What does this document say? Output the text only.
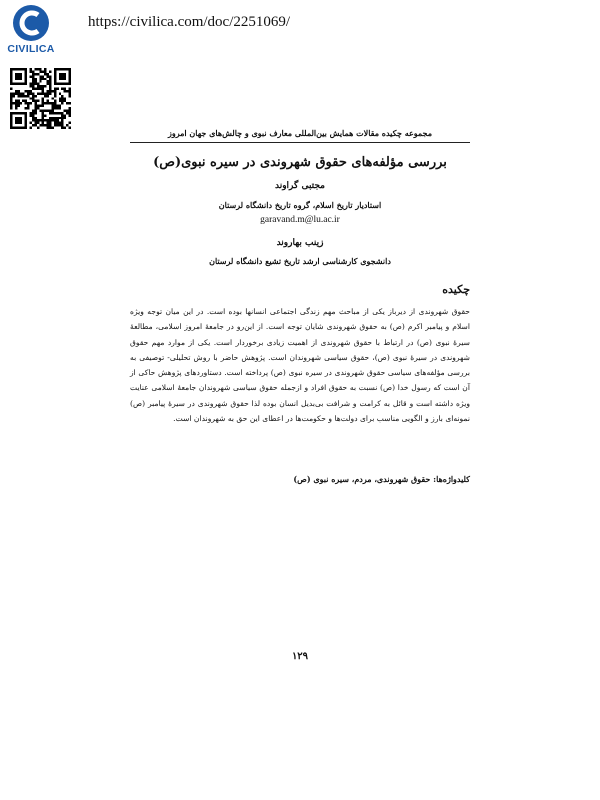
CIVILICA
https://civilica.com/doc/2251069/
مجموعه چکیده مقالات همایش بین‌المللی معارف نبوی و چالش‌های جهان امروز
بررسی مؤلفه‌های حقوق شهروندی در سیره نبوی(ص)
مجتبی گراوند
استادیار تاریخ اسلام، گروه تاریخ دانشگاه لرستان
garavand.m@lu.ac.ir
زینب بهاروند
دانشجوی کارشناسی ارشد تاریخ تشیع دانشگاه لرستان
چکیده
حقوق شهروندی از دیرباز یکی از مباحث مهم زندگی اجتماعی انسانها بوده است. در این میان توجه ویژه اسلام و پیامبر اکرم (ص) به حقوق شهروندی شایان توجه است. از این‌رو در جامعۀ امروز اسلامی، مطالعۀ سیرۀ نبوی (ص) در ارتباط با حقوق شهروندی از اهمیت زیادی برخوردار است. یکی از موارد مهم حقوق شهروندی در سیرۀ نبوی (ص)، حقوق سیاسی شهروندان است. پژوهش حاضر با روش تحلیلی- توصیفی به بررسی مؤلفه‌های سیاسی حقوق شهروندی در سیره نبوی (ص) پرداخته است. دستاوردهای پژوهش حاکی از آن است که رسول خدا (ص) نسبت به حقوق افراد و ازجمله حقوق سیاسی شهروندان جامعۀ اسلامی عنایت ویژه داشته است و قائل به کرامت و شرافت بی‌بدیل انسان بوده لذا حقوق شهروندی در سیرۀ پیامبر (ص) نمونه‌ای بارز و الگویی مناسب برای دولت‌ها و حکومت‌ها در اعطای این حق به شهروندان است.
کلیدواژه‌ها: حقوق شهروندی، مردم، سیره نبوی (ص)
۱۲۹
